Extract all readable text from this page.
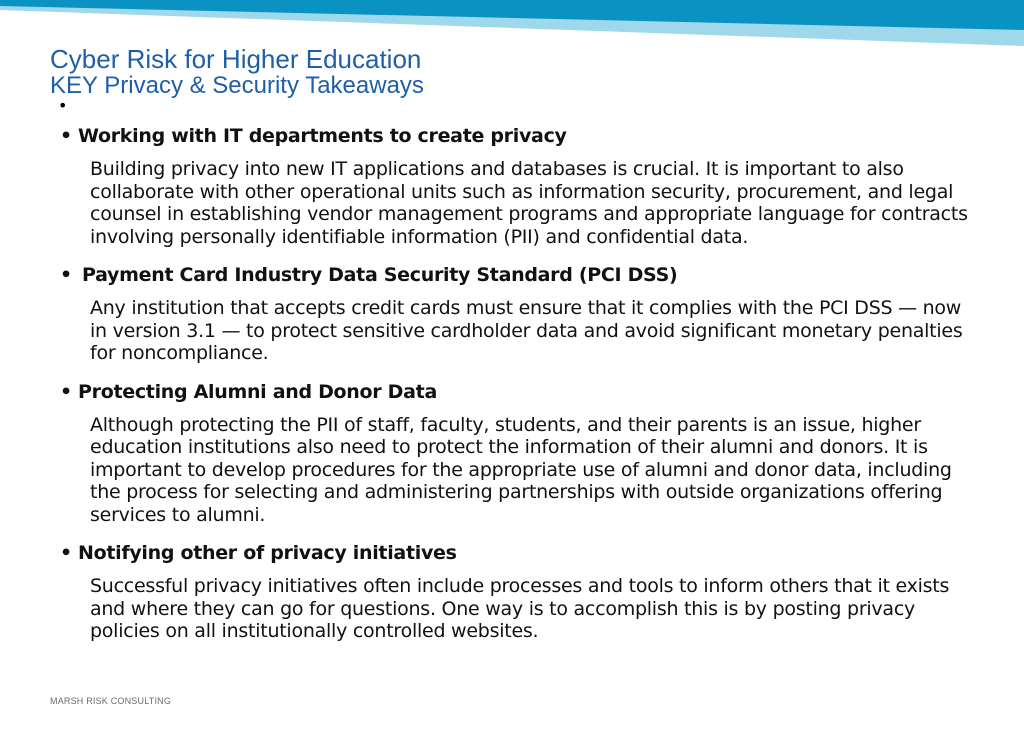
Cyber Risk for Higher Education
KEY Privacy & Security Takeaways
•
• Working with IT departments to create privacy
Building privacy into new IT applications and databases is crucial. It is important to also collaborate with other operational units such as information security, procurement, and legal counsel in establishing vendor management programs and appropriate language for contracts involving personally identifiable information (PII) and confidential data.
• Payment Card Industry Data Security Standard (PCI DSS)
Any institution that accepts credit cards must ensure that it complies with the PCI DSS — now in version 3.1 — to protect sensitive cardholder data and avoid significant monetary penalties for noncompliance.
• Protecting Alumni and Donor Data
Although protecting the PII of staff, faculty, students, and their parents is an issue, higher education institutions also need to protect the information of their alumni and donors. It is important to develop procedures for the appropriate use of alumni and donor data, including the process for selecting and administering partnerships with outside organizations offering services to alumni.
• Notifying other of privacy initiatives
Successful privacy initiatives often include processes and tools to inform others that it exists and where they can go for questions. One way is to accomplish this is by posting privacy policies on all institutionally controlled websites.
MARSH RISK CONSULTING
